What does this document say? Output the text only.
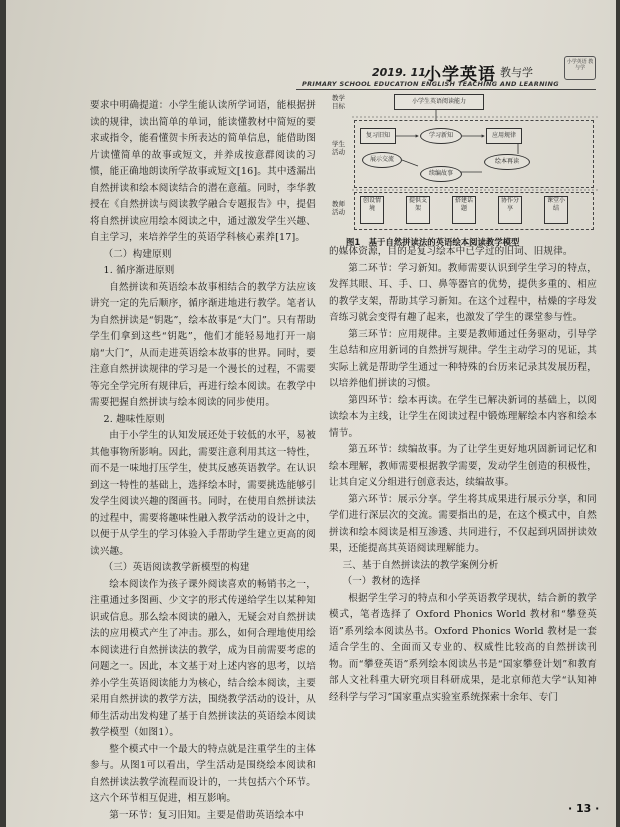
2019. 11
小学英语 教与学
小学英语 教与学
PRIMARY SCHOOL EDUCATION ENGLISH TEACHING AND LEARNING

要求中明确提道：小学生能认读所学词语，能根据拼读的规律，读出简单的单词，能读懂教材中简短的要求或指令，能看懂贺卡所表达的简单信息，能借助图片读懂简单的故事或短文，并养成按意群阅读的习惯，能正确地朗读所学故事或短文[16]。其中透漏出自然拼读和绘本阅读结合的潜在意蕴。同时，李华教授在《自然拼读与阅读教学融合专题报告》中，提倡将自然拼读应用绘本阅读之中，通过激发学生兴趣、自主学习，来培养学生的英语学科核心素养[17]。

（二）构建原则

1. 循序渐进原则

自然拼读和英语绘本故事相结合的教学方法应该讲究一定的先后顺序，循序渐进地进行教学。笔者认为自然拼读是“钥匙”，绘本故事是“大门”。只有帮助学生们拿到这些“钥匙”，他们才能轻易地打开一扇扇“大门”，从而走进英语绘本故事的世界。同时，要注意自然拼读规律的学习是一个漫长的过程，不需要等完全学完所有规律后，再进行绘本阅读。在教学中需要把握自然拼读与绘本阅读的同步使用。

2. 趣味性原则

由于小学生的认知发展还处于较低的水平，易被其他事物所影响。因此，需要注意利用其这一特性，而不是一味地打压学生，使其反感英语教学。在认识到这一特性的基础上，选择绘本时，需要挑选能够引发学生阅读兴趣的图画书。同时，在使用自然拼读法的过程中，需要将趣味性融入教学活动的设计之中，以便于从学生的学习体验入手帮助学生建立更高的阅读兴趣。

（三）英语阅读教学新模型的构建

绘本阅读作为孩子课外阅读喜欢的畅销书之一，注重通过多图画、少文字的形式传递给学生以某种知识或信息。那么绘本阅读的融入，无疑会对自然拼读法的应用模式产生了冲击。那么，如何合理地使用绘本阅读进行自然拼读法的教学，成为目前需要考虑的问题之一。因此，本文基于对上述内容的思考，以培养小学生英语阅读能力为核心，结合绘本阅读，主要采用自然拼读的教学方法，围绕教学活动的设计，从师生活动出发构建了基于自然拼读法的英语绘本阅读教学模型（如图1）。

整个模式中一个最大的特点就是注重学生的主体参与。从图1可以看出，学生活动是围绕绘本阅读和自然拼读法教学流程而设计的，一共包括六个环节。这六个环节相互促进，相互影响。

第一环节：复习旧知。主要是借助英语绘本中

教学目标
学生活动
教师活动
小学生英语阅读能力
复习旧知	学习新知	应用规律
绘本再读
续编故事
展示交流
创设情境
提供支架
搭建话题
协作分享
课堂小结
图1　基于自然拼读法的英语绘本阅读教学模型

的媒体资源，目的是复习绘本中已学过的旧词、旧规律。

第二环节：学习新知。教师需要认识到学生学习的特点，发挥其眼、耳、手、口、鼻等器官的优势，提供多重的、相应的教学支架，帮助其学习新知。在这个过程中，枯燥的字母发音练习就会变得有趣了起来，也激发了学生的课堂参与性。

第三环节：应用规律。主要是教师通过任务驱动，引导学生总结和应用新词的自然拼写规律。学生主动学习的见证，其实际上就是帮助学生通过一种特殊的台历来记录其发展历程，以培养他们拼读的习惯。

第四环节：绘本再读。在学生已解决新词的基础上，以阅读绘本为主线，让学生在阅读过程中锻炼理解绘本内容和绘本情节。

第五环节：续编故事。为了让学生更好地巩固新词记忆和绘本理解，教师需要根据教学需要，发动学生创造的积极性，让其自定义分组进行创意表达，续编故事。

第六环节：展示分享。学生将其成果进行展示分享，和同学们进行深层次的交流。需要指出的是，在这个模式中，自然拼读和绘本阅读是相互渗透、共同进行，不仅起到巩固拼读效果，还能提高其英语阅读理解能力。

三、基于自然拼读法的教学案例分析

（一）教材的选择

根据学生学习的特点和小学英语教学现状，结合新的教学模式，笔者选择了 Oxford Phonics World 教材和“攀登英语”系列绘本阅读丛书。Oxford Phonics World 教材是一套适合学生的、全面而又专业的、权威性比较高的自然拼读刊物。而“攀登英语”系列绘本阅读丛书是“国家攀登计划”和教育部人文社科重大研究项目科研成果，是北京师范大学“认知神经科学与学习”国家重点实验室系统探索十余年、专门

· 13 ·
